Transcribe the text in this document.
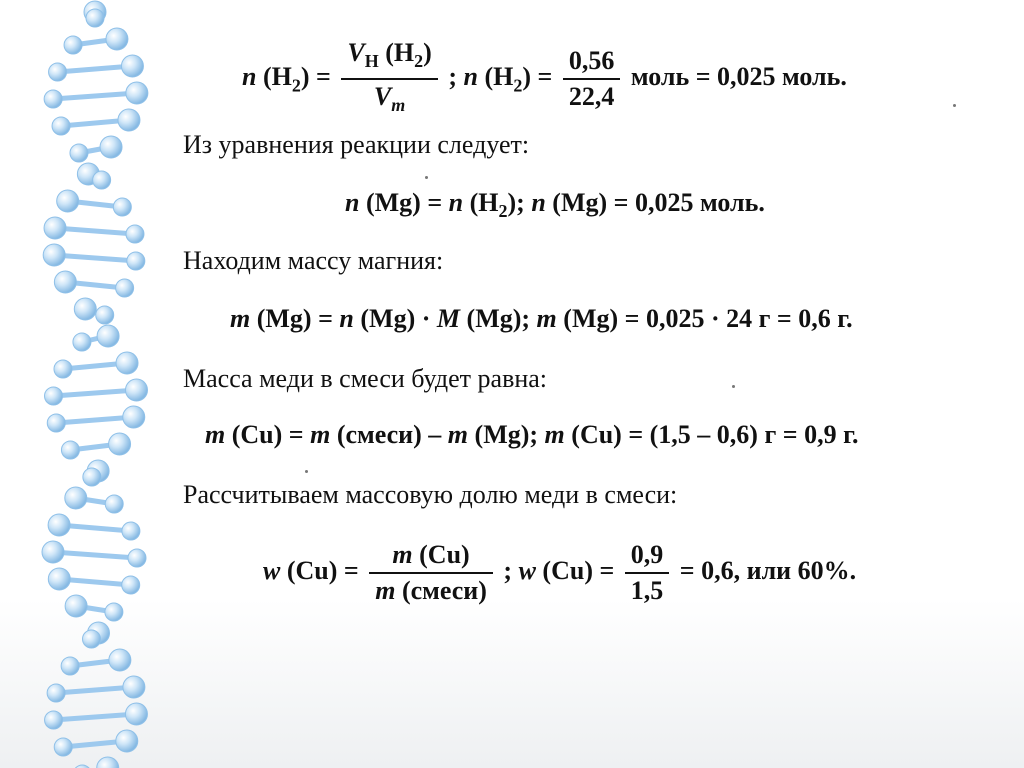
n $(H_2) = \frac{V_H (H_2)}{V_m}$ ; n $(H_2) = \frac{0,56}{22,4}$ моль = 0,025 моль.
Из уравнения реакции следует:
n (Mg) = n $(H_2)$; n (Mg) = 0,025 моль.
Находим массу магния:
m (Mg) = n (Mg) · M (Mg); m (Mg) = 0,025 · 24 г = 0,6 г.
Масса меди в смеси будет равна:
m (Cu) = m (смеси) – m (Mg); m (Cu) = (1,5 – 0,6) г = 0,9 г.
Рассчитываем массовую долю меди в смеси:
w $(Cu) = \frac{m (Cu)}{\text{m (смеси)}}$ ; w $(Cu) = \frac{0,9}{1,5} = 0,6$, или 60%.
